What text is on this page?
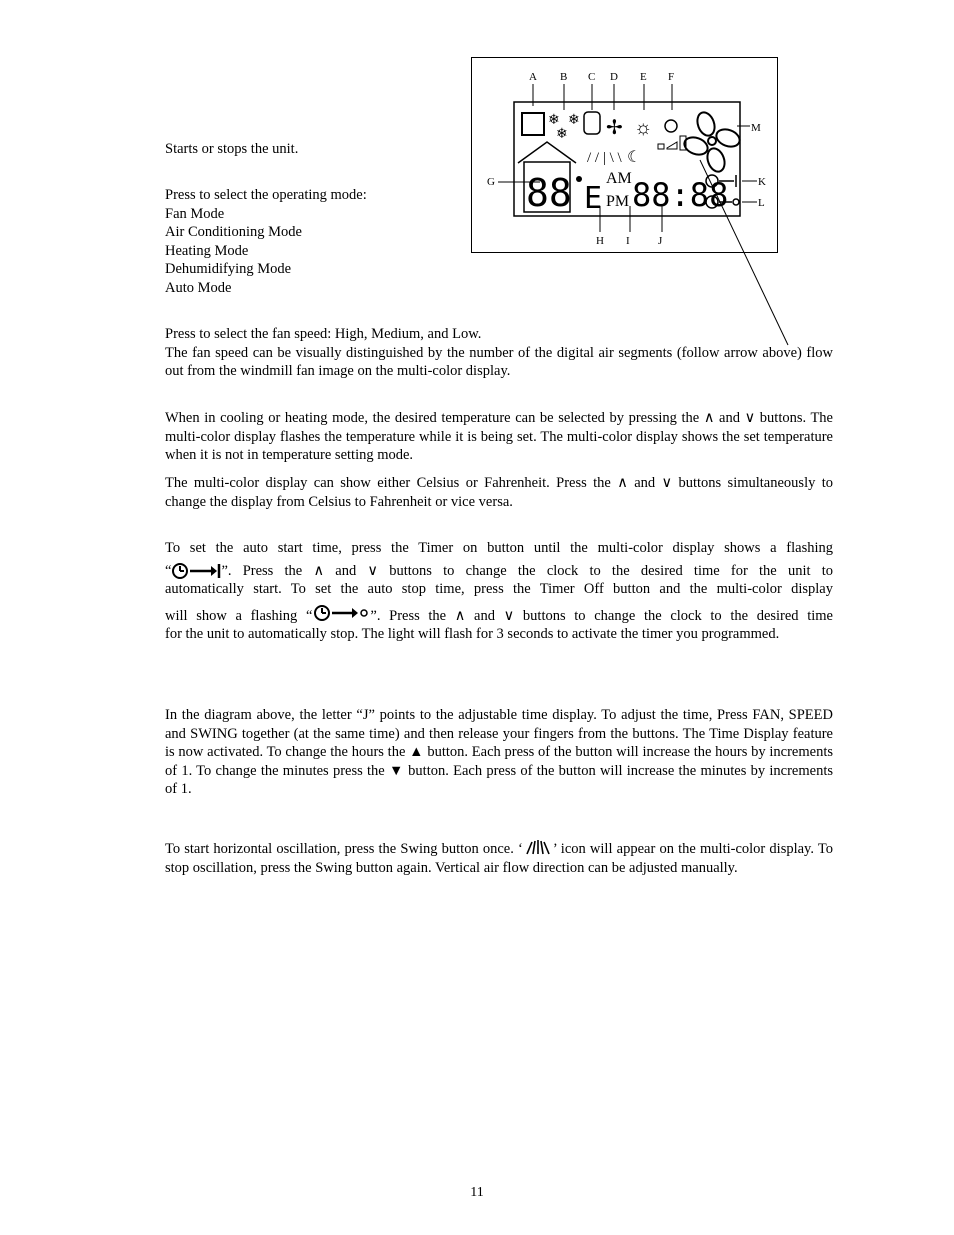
A B C D E F
G	K
L
M
H I	J
❄
❄
❄ ✢ ☼
88 E
/ / | \ \ ☾
AM
PM 88:88

Starts or stops the unit.

Press to select the operating mode:
Fan Mode
Air Conditioning Mode
Heating Mode
Dehumidifying Mode
Auto Mode
Press to select the fan speed: High, Medium, and Low.
The fan speed can be visually distinguished by the number of the digital air segments (follow arrow above) flow out from the windmill fan image on the multi-color display.

When in cooling or heating mode, the desired temperature can be selected by pressing the ∧ and ∨ buttons. The multi-color display flashes the temperature while it is being set. The multi-color display shows the set temperature when it is not in temperature setting mode.

The multi-color display can show either Celsius or Fahrenheit. Press the ∧ and ∨ buttons simultaneously to change the display from Celsius to Fahrenheit or vice versa.

To set the auto start time, press the Timer on button until the multi-color display shows a flashing
“	”. Press the ∧ and ∨ buttons to change the clock to the desired time for the unit to
automatically start. To set the auto stop time, press the Timer Off button and the multi-color display
will show a flashing “	”. Press the ∧ and ∨ buttons to change the clock to the desired time
for the unit to automatically stop. The light will flash for 3 seconds to activate the timer you programmed.

In the diagram above, the letter “J” points to the adjustable time display. To adjust the time, Press FAN, SPEED and SWING together (at the same time) and then release your fingers from the buttons. The Time Display feature is now activated. To change the hours the ▲ button. Each press of the button will increase the hours by increments of 1. To change the minutes press the ▼ button. Each press of the button will increase the minutes by increments of 1.

To start horizontal oscillation, press the Swing button once. ‘ ’ icon will appear on the multi-color display. To stop oscillation, press the Swing button again. Vertical air flow direction can be adjusted manually.

11
